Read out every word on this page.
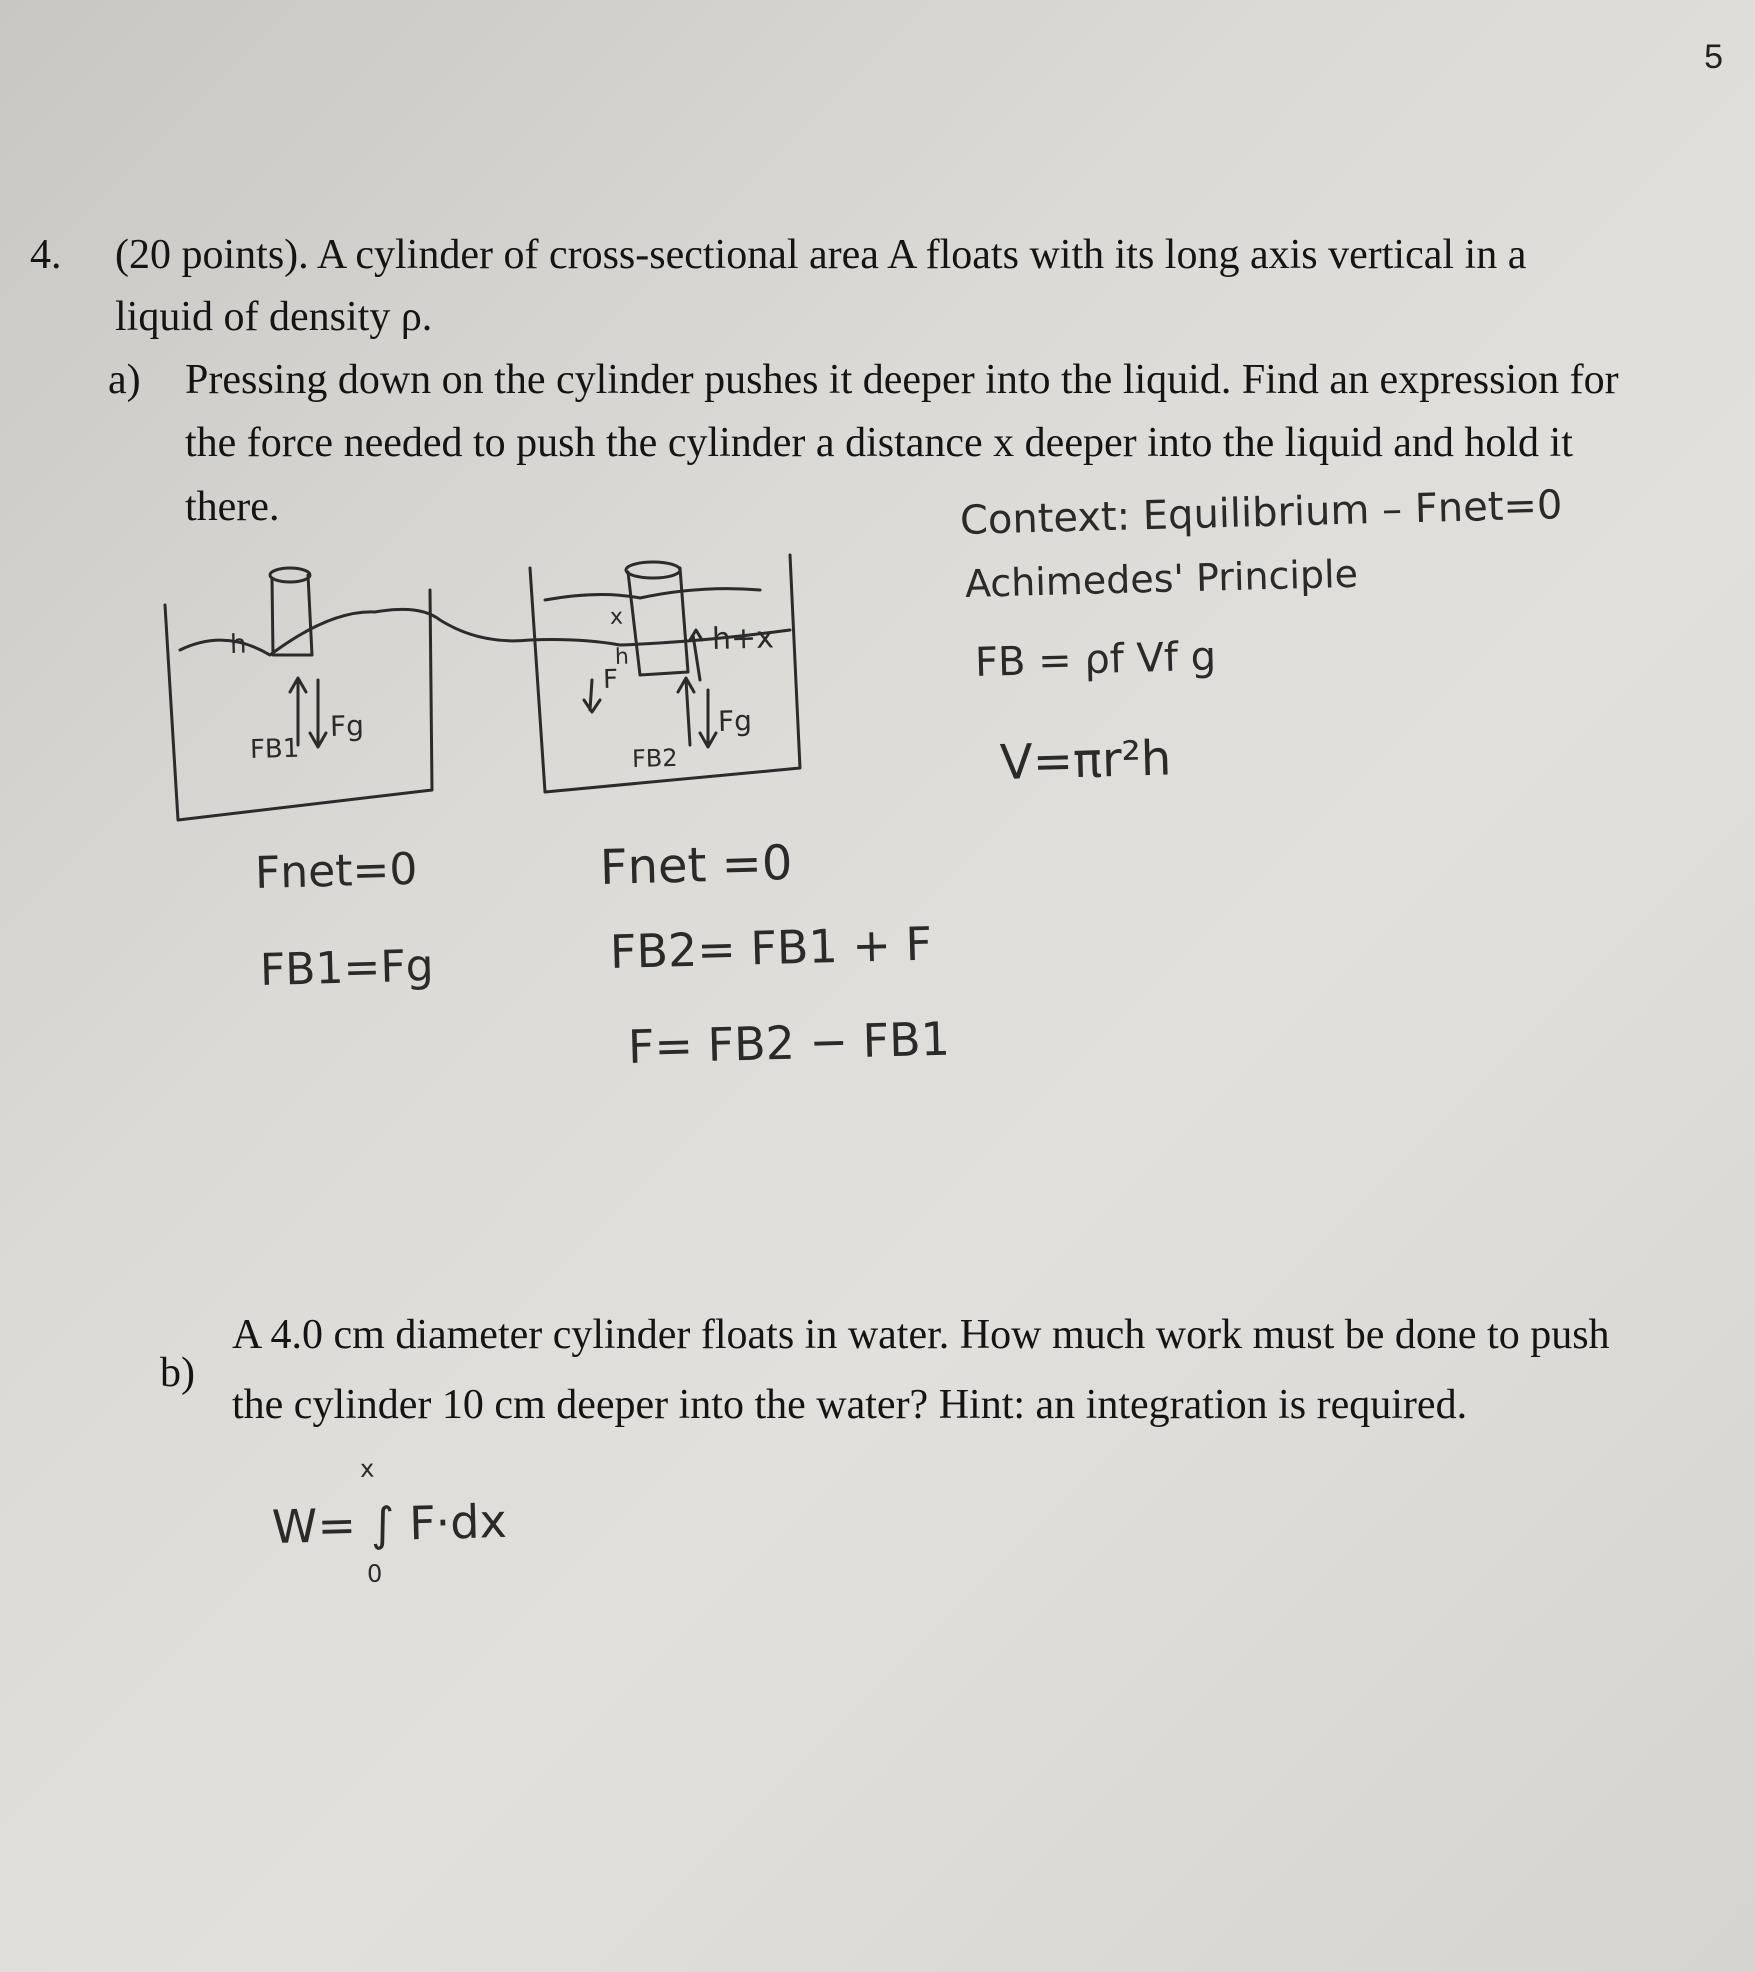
5
4. (20 points). A cylinder of cross-sectional area A floats with its long axis vertical in a
liquid of density ρ.
a) Pressing down on the cylinder pushes it deeper into the liquid. Find an expression for
the force needed to push the cylinder a distance x deeper into the liquid and hold it
there.	Context: Equilibrium – Fnet=0
Achimedes' Principle
FB = ρf Vf g
V=πr²h
h
FB1
Fg
x
h
h+x
F
FB2
Fg
Fnet=0
FB1=Fg
Fnet =0
FB2= FB1 + F
F= FB2 − FB1
b)
A 4.0 cm diameter cylinder floats in water. How much work must be done to push
the cylinder 10 cm deeper into the water? Hint: an integration is required.
W= ∫ F·dx
x
0
